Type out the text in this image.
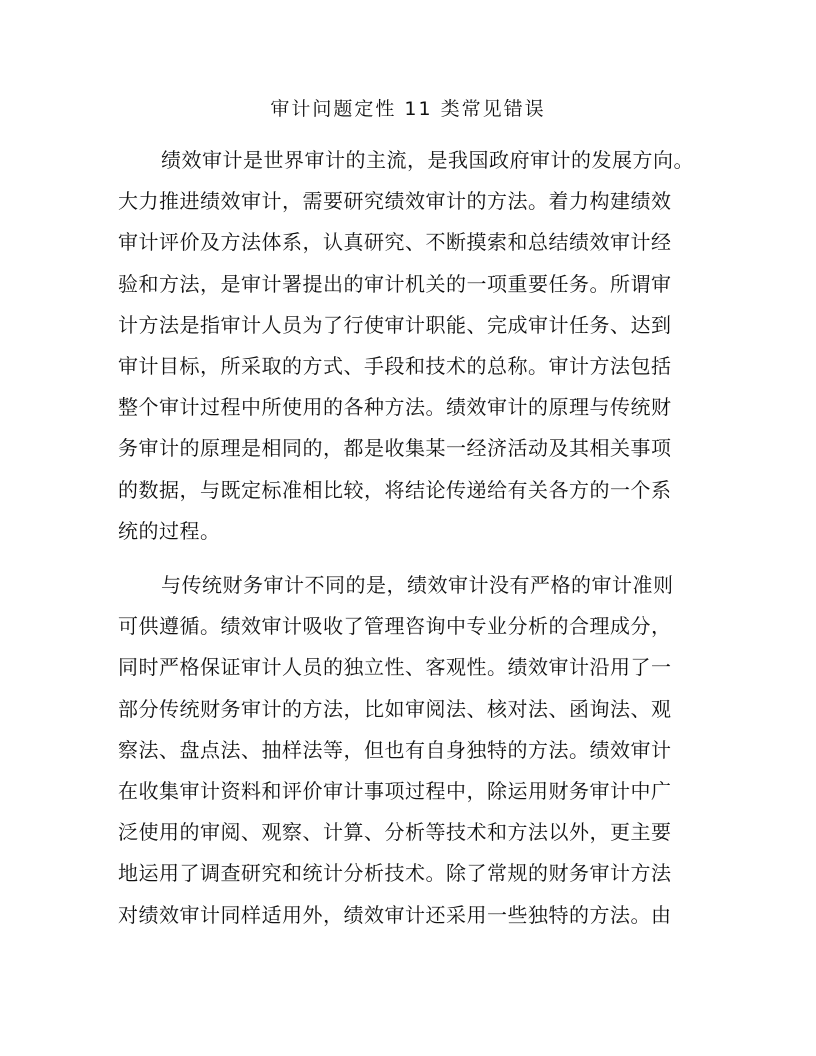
审计问题定性 11 类常见错误

绩效审计是世界审计的主流，是我国政府审计的发展方向。
大力推进绩效审计，需要研究绩效审计的方法。着力构建绩效
审计评价及方法体系，认真研究、不断摸索和总结绩效审计经
验和方法，是审计署提出的审计机关的一项重要任务。所谓审
计方法是指审计人员为了行使审计职能、完成审计任务、达到
审计目标，所采取的方式、手段和技术的总称。审计方法包括
整个审计过程中所使用的各种方法。绩效审计的原理与传统财
务审计的原理是相同的，都是收集某一经济活动及其相关事项
的数据，与既定标准相比较，将结论传递给有关各方的一个系
统的过程。

与传统财务审计不同的是，绩效审计没有严格的审计准则
可供遵循。绩效审计吸收了管理咨询中专业分析的合理成分，
同时严格保证审计人员的独立性、客观性。绩效审计沿用了一
部分传统财务审计的方法，比如审阅法、核对法、函询法、观
察法、盘点法、抽样法等，但也有自身独特的方法。绩效审计
在收集审计资料和评价审计事项过程中，除运用财务审计中广
泛使用的审阅、观察、计算、分析等技术和方法以外，更主要
地运用了调查研究和统计分析技术。除了常规的财务审计方法
对绩效审计同样适用外，绩效审计还采用一些独特的方法。由
